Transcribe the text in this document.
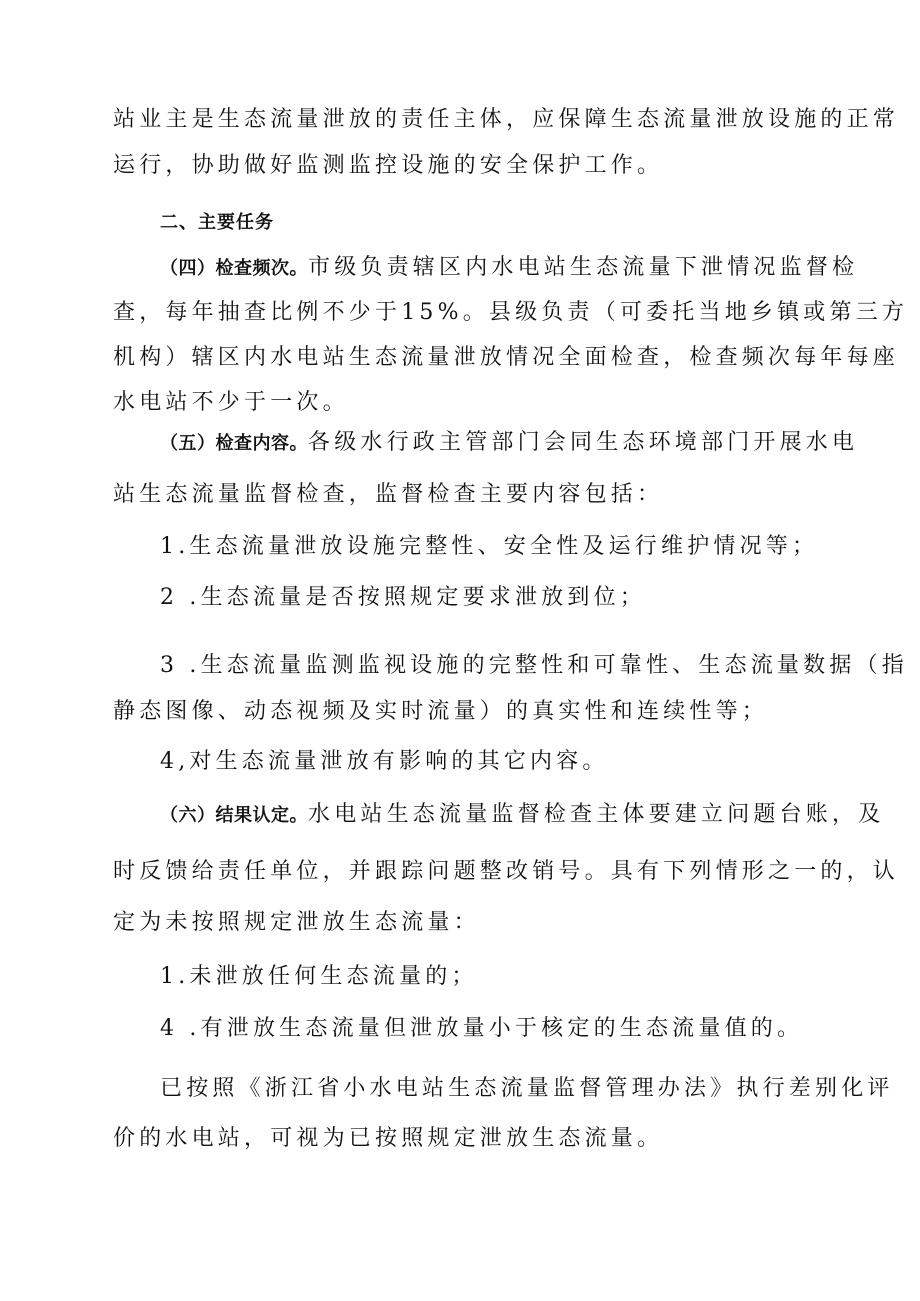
站业主是生态流量泄放的责任主体，应保障生态流量泄放设施的正常
运行，协助做好监测监控设施的安全保护工作。
二、主要任务
（四）检查频次。市级负责辖区内水电站生态流量下泄情况监督检
查，每年抽查比例不少于15%。县级负责（可委托当地乡镇或第三方
机构）辖区内水电站生态流量泄放情况全面检查，检查频次每年每座
水电站不少于一次。
（五）检查内容。各级水行政主管部门会同生态环境部门开展水电
站生态流量监督检查，监督检查主要内容包括：
1.生态流量泄放设施完整性、安全性及运行维护情况等；
2 .生态流量是否按照规定要求泄放到位；
3 .生态流量监测监视设施的完整性和可靠性、生态流量数据（指
静态图像、动态视频及实时流量）的真实性和连续性等；
4,对生态流量泄放有影响的其它内容。
（六）结果认定。水电站生态流量监督检查主体要建立问题台账，及
时反馈给责任单位，并跟踪问题整改销号。具有下列情形之一的，认
定为未按照规定泄放生态流量：
1.未泄放任何生态流量的；
4 .有泄放生态流量但泄放量小于核定的生态流量值的。
已按照《浙江省小水电站生态流量监督管理办法》执行差别化评
价的水电站，可视为已按照规定泄放生态流量。
